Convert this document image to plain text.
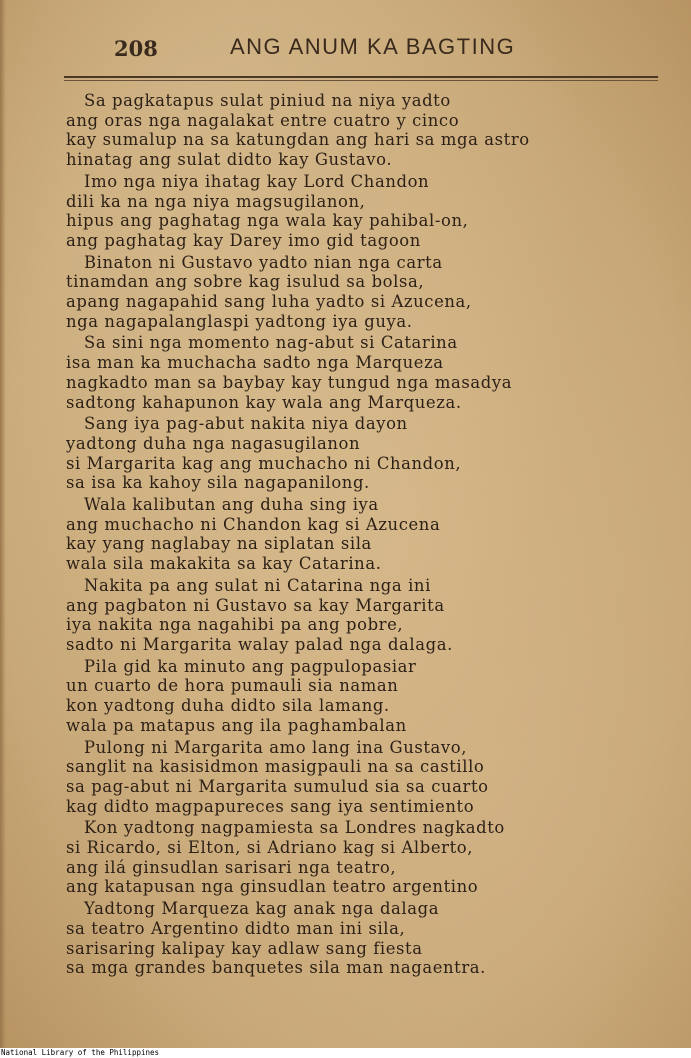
208	ANG ANUM KA BAGTING
Sa pagkatapus sulat piniud na niya yadto
ang oras nga nagalakat entre cuatro y cinco
kay sumalup na sa katungdan ang hari sa mga astro
hinatag ang sulat didto kay Gustavo.
Imo nga niya ihatag kay Lord Chandon
dili ka na nga niya magsugilanon,
hipus ang paghatag nga wala kay pahibal-on,
ang paghatag kay Darey imo gid tagoon
Binaton ni Gustavo yadto nian nga carta
tinamdan ang sobre kag isulud sa bolsa,
apang nagapahid sang luha yadto si Azucena,
nga nagapalanglaspi yadtong iya guya.
Sa sini nga momento nag-abut si Catarina
isa man ka muchacha sadto nga Marqueza
nagkadto man sa baybay kay tungud nga masadya
sadtong kahapunon kay wala ang Marqueza.
Sang iya pag-abut nakita niya dayon
yadtong duha nga nagasugilanon
si Margarita kag ang muchacho ni Chandon,
sa isa ka kahoy sila nagapanilong.
Wala kalibutan ang duha sing iya
ang muchacho ni Chandon kag si Azucena
kay yang naglabay na siplatan sila
wala sila makakita sa kay Catarina.
Nakita pa ang sulat ni Catarina nga ini
ang pagbaton ni Gustavo sa kay Margarita
iya nakita nga nagahibi pa ang pobre,
sadto ni Margarita walay palad nga dalaga.
Pila gid ka minuto ang pagpulopasiar
un cuarto de hora pumauli sia naman
kon yadtong duha didto sila lamang.
wala pa matapus ang ila paghambalan
Pulong ni Margarita amo lang ina Gustavo,
sanglit na kasisidmon masigpauli na sa castillo
sa pag-abut ni Margarita sumulud sia sa cuarto
kag didto magpapureces sang iya sentimiento
Kon yadtong nagpamiesta sa Londres nagkadto
si Ricardo, si Elton, si Adriano kag si Alberto,
ang ilá ginsudlan sarisari nga teatro,
ang katapusan nga ginsudlan teatro argentino
Yadtong Marqueza kag anak nga dalaga
sa teatro Argentino didto man ini sila,
sarisaring kalipay kay adlaw sang fiesta
sa mga grandes banquetes sila man nagaentra.
National Library of the Philippines
